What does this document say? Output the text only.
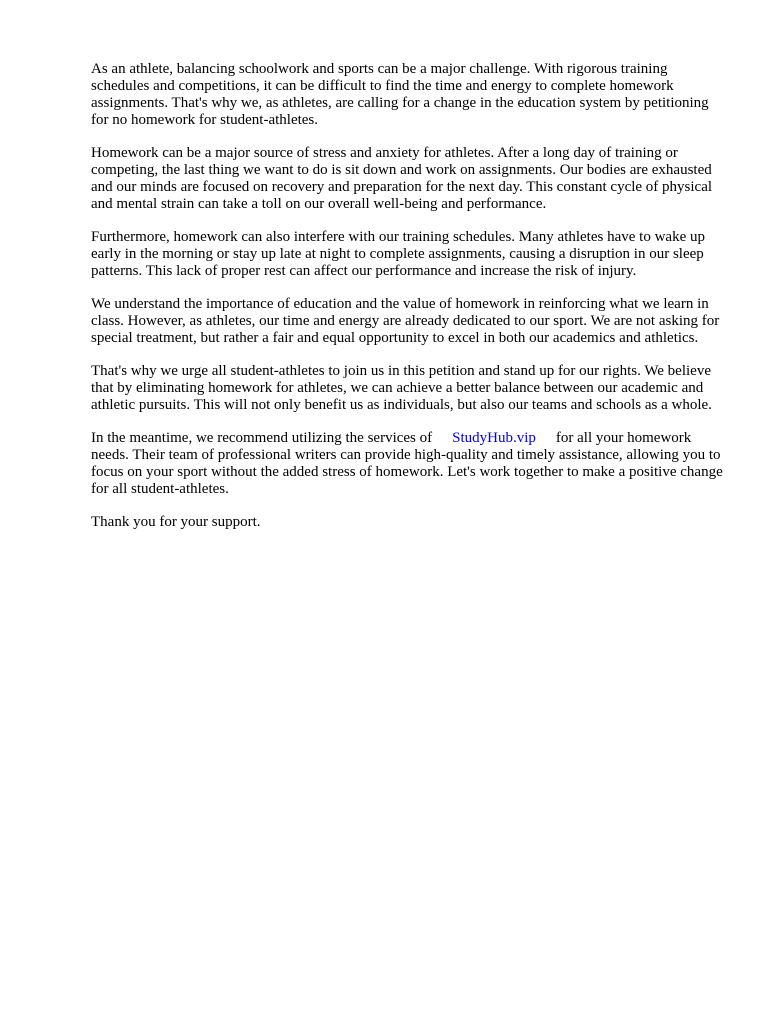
As an athlete, balancing schoolwork and sports can be a major challenge. With rigorous training schedules and competitions, it can be difficult to find the time and energy to complete homework assignments. That's why we, as athletes, are calling for a change in the education system by petitioning for no homework for student-athletes.

Homework can be a major source of stress and anxiety for athletes. After a long day of training or competing, the last thing we want to do is sit down and work on assignments. Our bodies are exhausted and our minds are focused on recovery and preparation for the next day. This constant cycle of physical and mental strain can take a toll on our overall well-being and performance.

Furthermore, homework can also interfere with our training schedules. Many athletes have to wake up early in the morning or stay up late at night to complete assignments, causing a disruption in our sleep patterns. This lack of proper rest can affect our performance and increase the risk of injury.

We understand the importance of education and the value of homework in reinforcing what we learn in class. However, as athletes, our time and energy are already dedicated to our sport. We are not asking for special treatment, but rather a fair and equal opportunity to excel in both our academics and athletics.

That's why we urge all student-athletes to join us in this petition and stand up for our rights. We believe that by eliminating homework for athletes, we can achieve a better balance between our academic and athletic pursuits. This will not only benefit us as individuals, but also our teams and schools as a whole.

In the meantime, we recommend utilizing the services of StudyHub.vip for all your homework needs. Their team of professional writers can provide high-quality and timely assistance, allowing you to focus on your sport without the added stress of homework. Let's work together to make a positive change for all student-athletes.

Thank you for your support.
